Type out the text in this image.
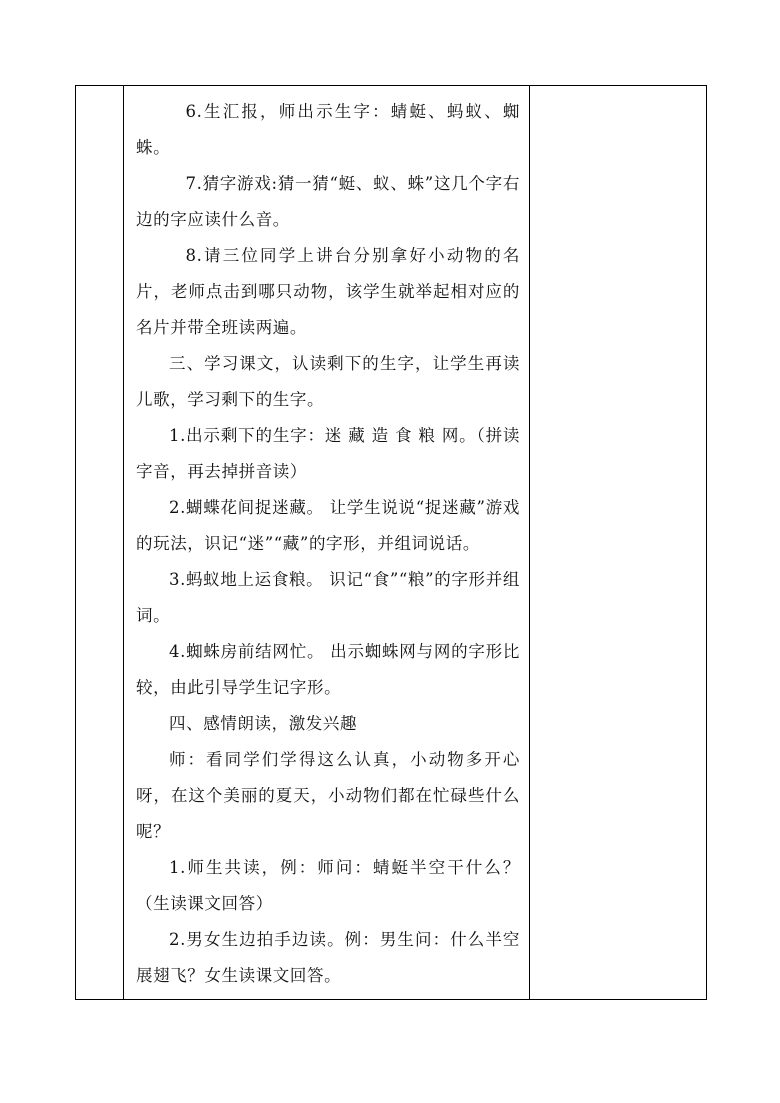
6.生汇报，师出示生字：蜻蜓、蚂蚁、蜘蛛。

7.猜字游戏:猜一猜“蜓、蚁、蛛”这几个字右边的字应读什么音。

8.请三位同学上讲台分别拿好小动物的名片，老师点击到哪只动物，该学生就举起相对应的名片并带全班读两遍。

三、学习课文，认读剩下的生字，让学生再读儿歌，学习剩下的生字。

1.出示剩下的生字：迷 藏 造 食 粮 网。（拼读字音，再去掉拼音读）

2.蝴蝶花间捉迷藏。 让学生说说“捉迷藏”游戏的玩法，识记“迷”“藏”的字形，并组词说话。

3.蚂蚁地上运食粮。 识记“食”“粮”的字形并组词。

4.蜘蛛房前结网忙。 出示蜘蛛网与网的字形比较，由此引导学生记字形。

四、感情朗读，激发兴趣

师：看同学们学得这么认真，小动物多开心呀，在这个美丽的夏天，小动物们都在忙碌些什么呢？

1.师生共读，例：师问：蜻蜓半空干什么？（生读课文回答）

2.男女生边拍手边读。例：男生问：什么半空展翅飞？女生读课文回答。
